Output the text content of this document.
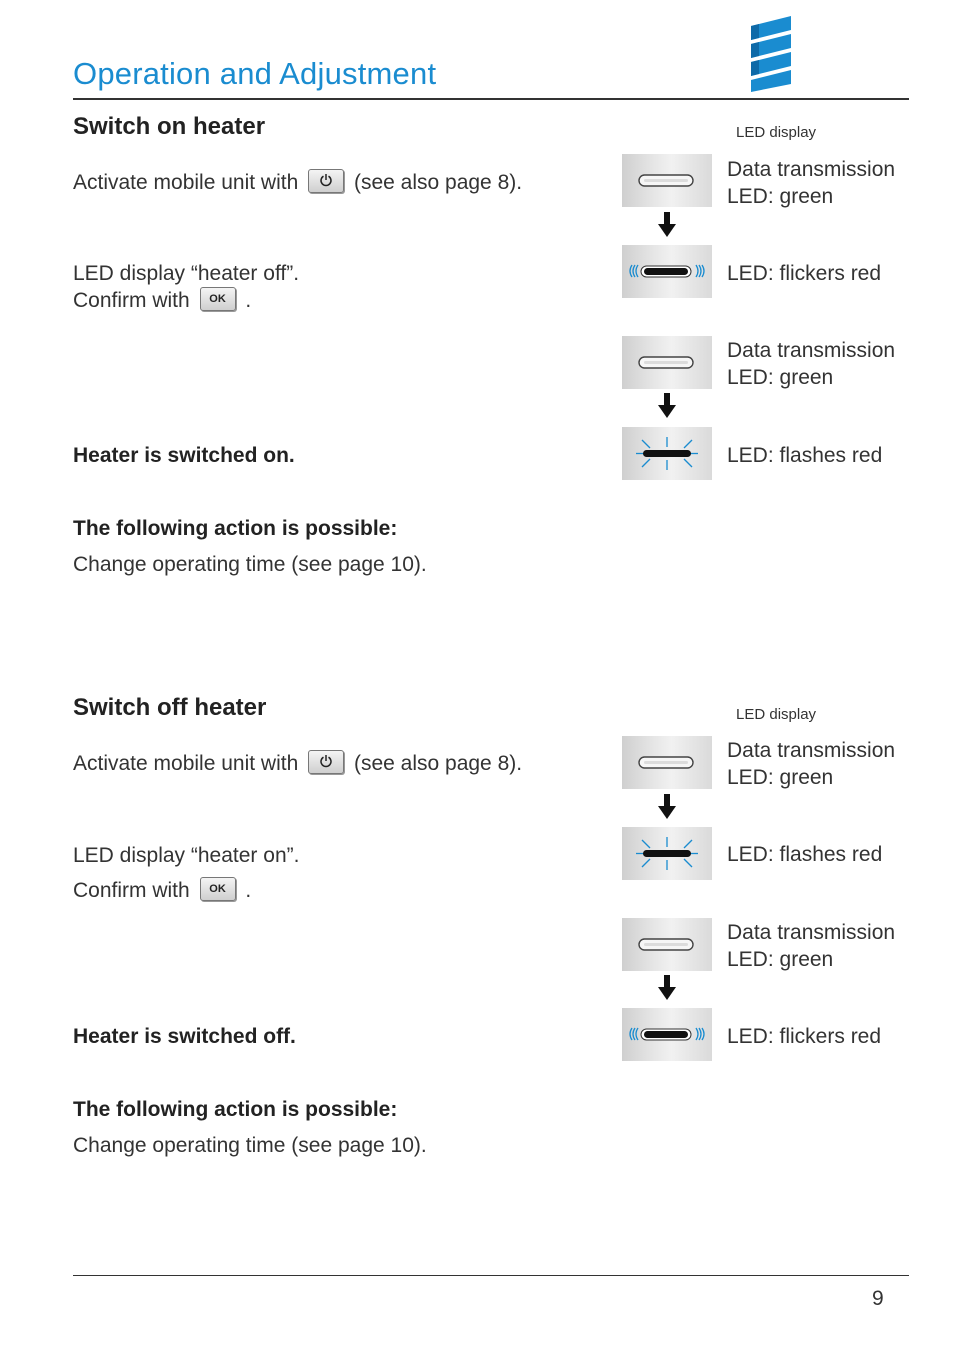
Operation and Adjustment
Switch on heater	LED display
Activate mobile unit with	(see also page 8).
LED display “heater off”.
Confirm with OK .
Heater is switched on.
The following action is possible:
Change operating time (see page 10).
Data transmission
LED: green
LED: flickers red
Data transmission
LED: green
LED: flashes red
Switch off heater	LED display
Activate mobile unit with	(see also page 8).
LED display “heater on”.
Confirm with OK .
Heater is switched off.
The following action is possible:
Change operating time (see page 10).
Data transmission
LED: green
LED: flashes red
Data transmission
LED: green
LED: flickers red
9
